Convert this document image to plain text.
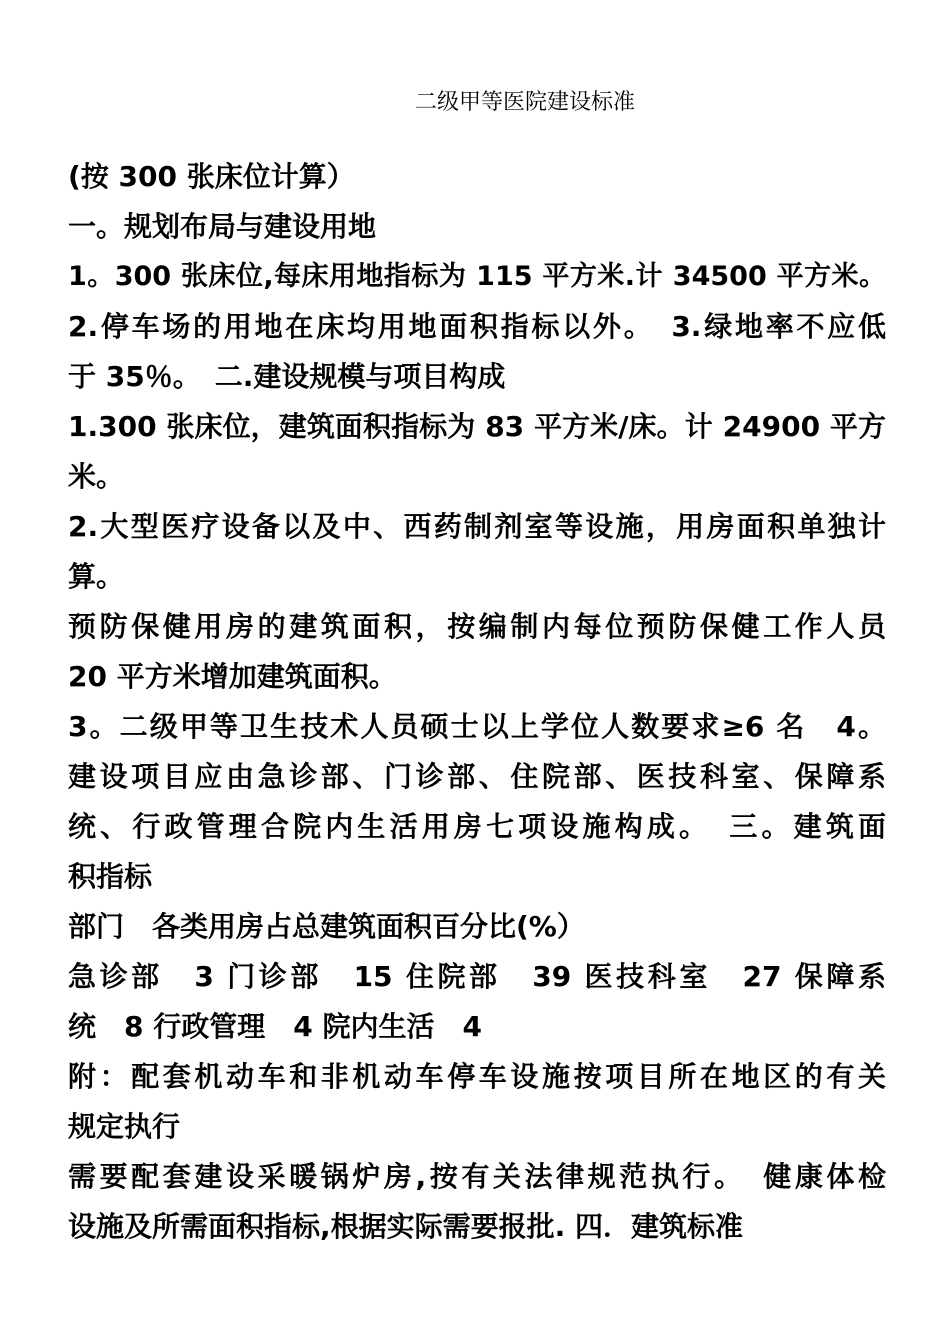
二级甲等医院建设标准
(按 300 张床位计算）
一。规划布局与建设用地
1。300 张床位,每床用地指标为 115 平方米.计 34500 平方米。
2.停车场的用地在床均用地面积指标以外。　3.绿地率不应低
于 35％。　二.建设规模与项目构成
1.300 张床位，建筑面积指标为 83 平方米/床。计 24900 平方
米。
2.大型医疗设备以及中、西药制剂室等设施，用房面积单独计
算。
预防保健用房的建筑面积，按编制内每位预防保健工作人员
20 平方米增加建筑面积。
3。二级甲等卫生技术人员硕士以上学位人数要求≥6 名　4。
建设项目应由急诊部、门诊部、住院部、医技科室、保障系
统、行政管理合院内生活用房七项设施构成。　三。建筑面
积指标
部门　各类用房占总建筑面积百分比(%）
急诊部　3 门诊部　15 住院部　39 医技科室　27 保障系
统　8 行政管理　4 院内生活　4
附：配套机动车和非机动车停车设施按项目所在地区的有关
规定执行
需要配套建设采暖锅炉房,按有关法律规范执行。　健康体检
设施及所需面积指标,根据实际需要报批. 四．建筑标准
